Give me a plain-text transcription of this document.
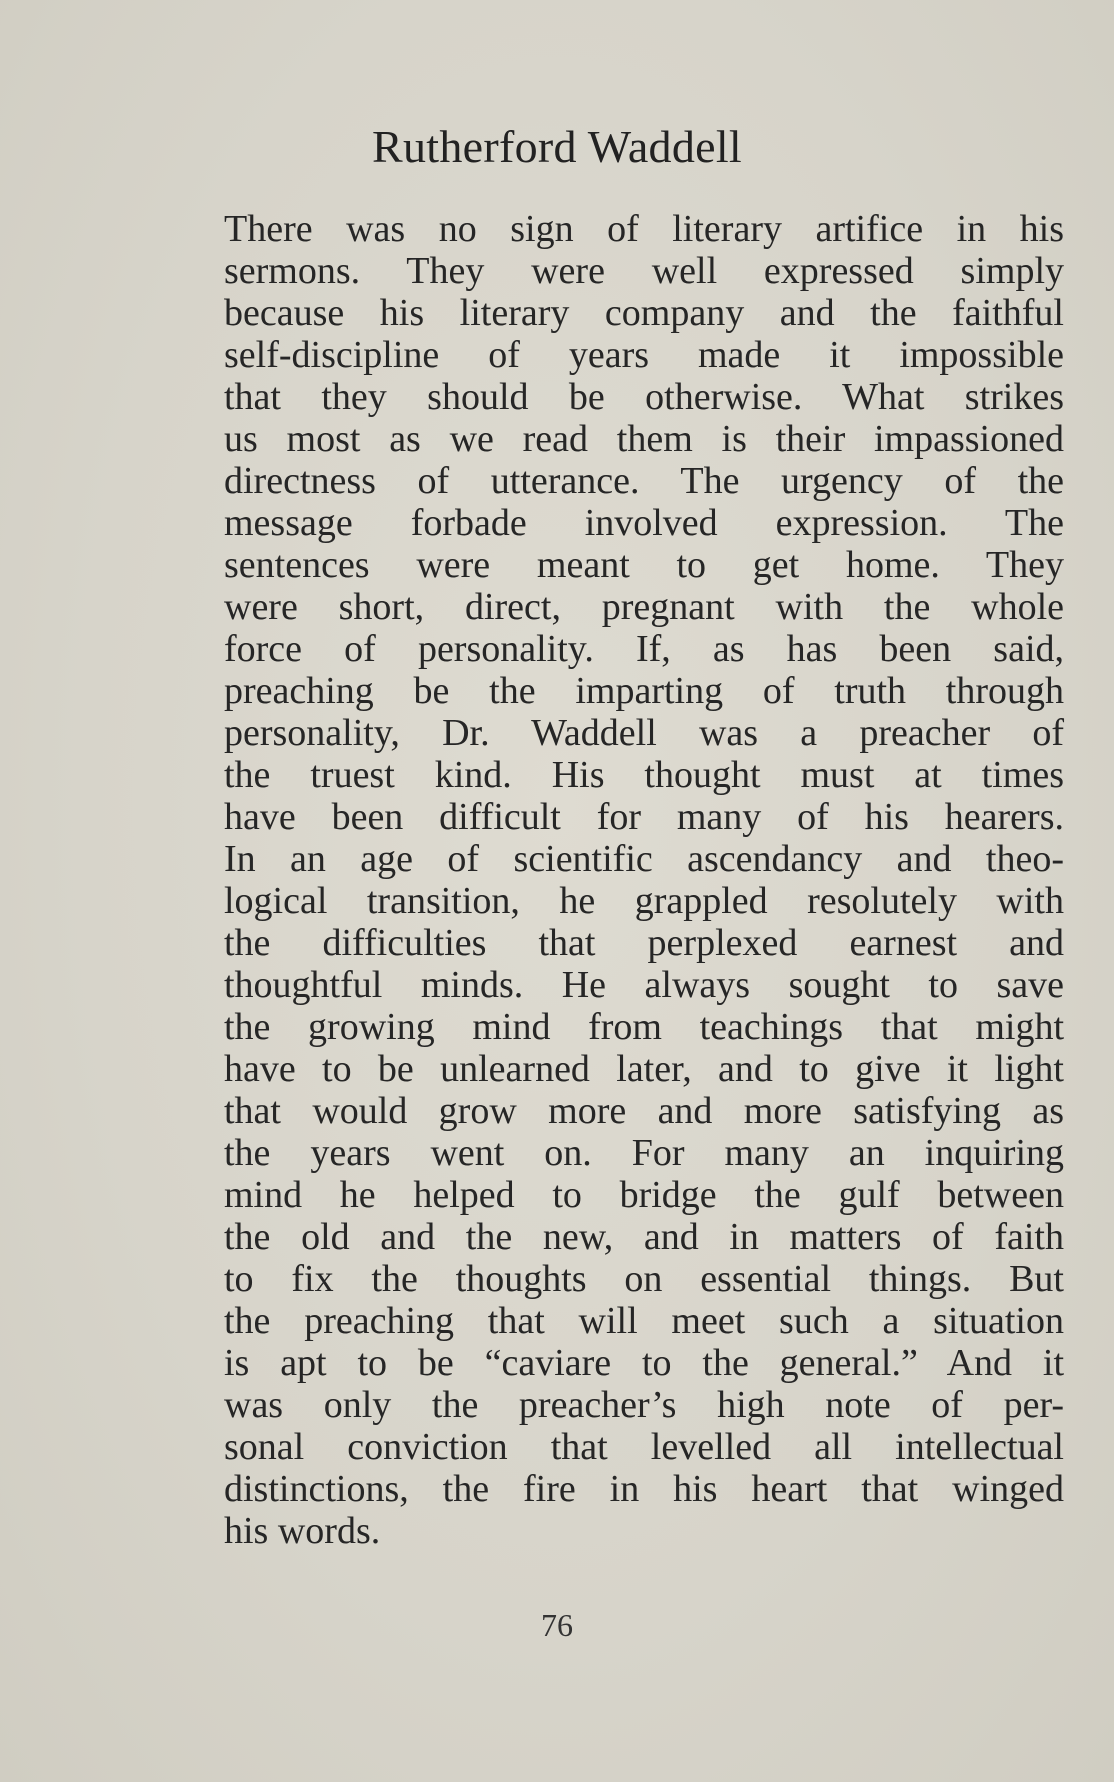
Rutherford Waddell
There was no sign of literary artifice in his
sermons. They were well expressed simply
because his literary company and the faithful
self-discipline of years made it impossible
that they should be otherwise. What strikes
us most as we read them is their impassioned
directness of utterance. The urgency of the
message forbade involved expression. The
sentences were meant to get home. They
were short, direct, pregnant with the whole
force of personality. If, as has been said,
preaching be the imparting of truth through
personality, Dr. Waddell was a preacher of
the truest kind. His thought must at times
have been difficult for many of his hearers.
In an age of scientific ascendancy and theo-
logical transition, he grappled resolutely with
the difficulties that perplexed earnest and
thoughtful minds. He always sought to save
the growing mind from teachings that might
have to be unlearned later, and to give it light
that would grow more and more satisfying as
the years went on. For many an inquiring
mind he helped to bridge the gulf between
the old and the new, and in matters of faith
to fix the thoughts on essential things. But
the preaching that will meet such a situation
is apt to be “caviare to the general.” And it
was only the preacher’s high note of per-
sonal conviction that levelled all intellectual
distinctions, the fire in his heart that winged
his words.
76
